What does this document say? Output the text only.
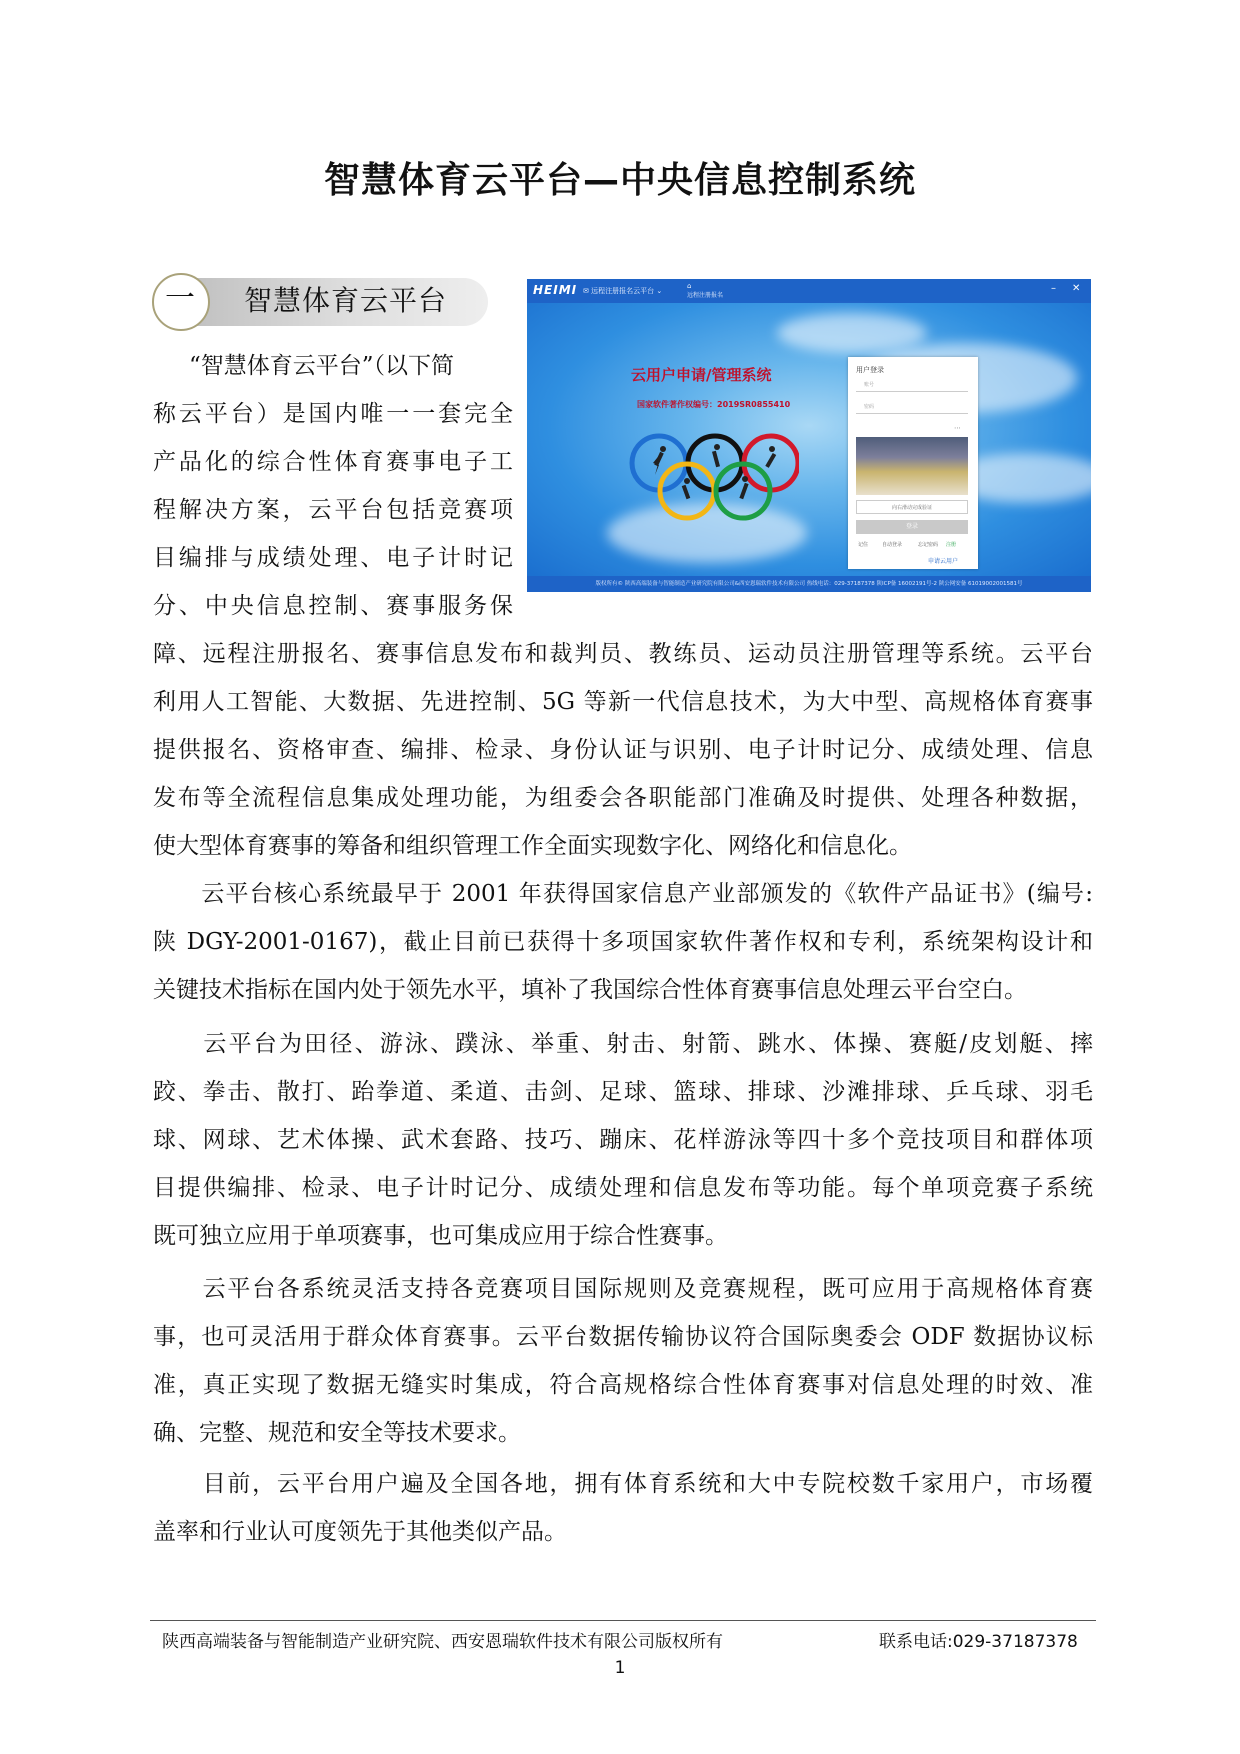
智慧体育云平台—中央信息控制系统
一 智慧体育云平台
“智慧体育云平台”（以下简
称云平台）是国内唯一一套完全
产品化的综合性体育赛事电子工
程解决方案，云平台包括竞赛项
目编排与成绩处理、电子计时记
分、中央信息控制、赛事服务保
HEIMI ✉ 远程注册报名云平台 ⌄
⌂
远程注册报名
– ✕
云用户申请/管理系统
国家软件著作权编号：2019SR0855410
用户登录
账号
密码
⋯
向右滑动完成验证
登录
记住	自动登录	忘记密码 注册
申请云用户
版权所有© 陕西高端装备与智能制造产业研究院有限公司&西安恩瑞软件技术有限公司 热线电话：029-37187378 陕ICP备 16002191号-2 陕公网安备 61019002001581号
障、远程注册报名、赛事信息发布和裁判员、教练员、运动员注册管理等系统。云平台
利用人工智能、大数据、先进控制、5G 等新一代信息技术，为大中型、高规格体育赛事
提供报名、资格审查、编排、检录、身份认证与识别、电子计时记分、成绩处理、信息
发布等全流程信息集成处理功能，为组委会各职能部门准确及时提供、处理各种数据，
使大型体育赛事的筹备和组织管理工作全面实现数字化、网络化和信息化。
　　云平台核心系统最早于 2001 年获得国家信息产业部颁发的《软件产品证书》(编号:
陕 DGY-2001-0167)，截止目前已获得十多项国家软件著作权和专利，系统架构设计和
关键技术指标在国内处于领先水平，填补了我国综合性体育赛事信息处理云平台空白。
　　云平台为田径、游泳、蹼泳、举重、射击、射箭、跳水、体操、赛艇/皮划艇、摔
跤、拳击、散打、跆拳道、柔道、击剑、足球、篮球、排球、沙滩排球、乒乓球、羽毛
球、网球、艺术体操、武术套路、技巧、蹦床、花样游泳等四十多个竞技项目和群体项
目提供编排、检录、电子计时记分、成绩处理和信息发布等功能。每个单项竞赛子系统
既可独立应用于单项赛事，也可集成应用于综合性赛事。
　　云平台各系统灵活支持各竞赛项目国际规则及竞赛规程，既可应用于高规格体育赛
事，也可灵活用于群众体育赛事。云平台数据传输协议符合国际奥委会 ODF 数据协议标
准，真正实现了数据无缝实时集成，符合高规格综合性体育赛事对信息处理的时效、准
确、完整、规范和安全等技术要求。
　　目前，云平台用户遍及全国各地，拥有体育系统和大中专院校数千家用户，市场覆
盖率和行业认可度领先于其他类似产品。
陕西高端装备与智能制造产业研究院、西安恩瑞软件技术有限公司版权所有	联系电话:029-37187378
1
